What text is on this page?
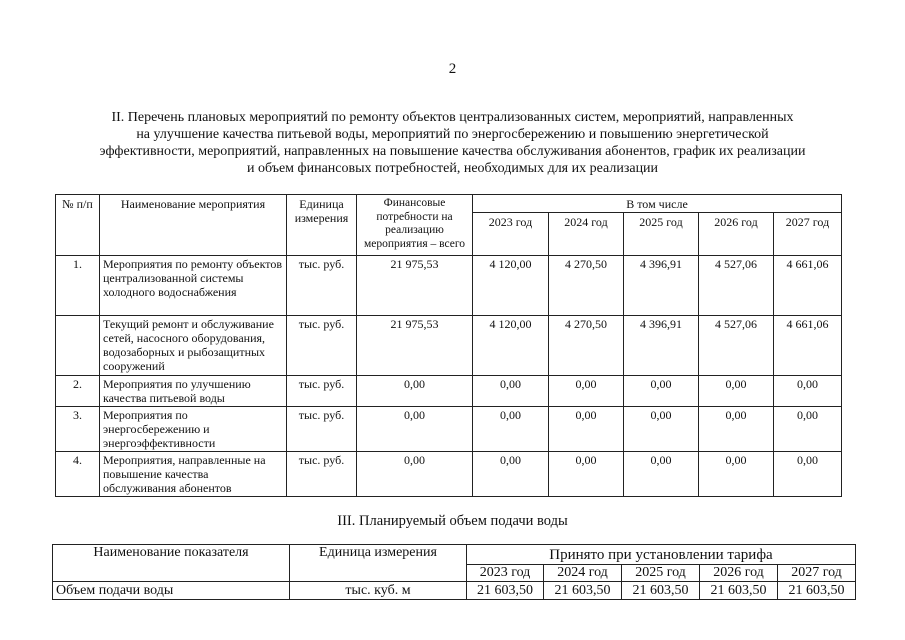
2
II. Перечень плановых мероприятий по ремонту объектов централизованных систем, мероприятий, направленных
на улучшение качества питьевой воды, мероприятий по энергосбережению и повышению энергетической
эффективности, мероприятий, направленных на повышение качества обслуживания абонентов, график их реализации
и объем финансовых потребностей, необходимых для их реализации
№ п/п	Наименование мероприятия	Единица измерения	Финансовые потребности на реализацию мероприятия – всего	В том числе				
				2023 год	2024 год	2025 год	2026 год	2027 год
1.	Мероприятия по ремонту объектов централизованной системы холодного водоснабжения	тыс. руб.	21 975,53	4 120,00	4 270,50	4 396,91	4 527,06	4 661,06
	Текущий ремонт и обслуживание сетей, насосного оборудования, водозаборных и рыбозащитных сооружений	тыс. руб.	21 975,53	4 120,00	4 270,50	4 396,91	4 527,06	4 661,06
2.	Мероприятия по улучшению качества питьевой воды	тыс. руб.	0,00	0,00	0,00	0,00	0,00	0,00
3.	Мероприятия по энергосбережению и энергоэффективности	тыс. руб.	0,00	0,00	0,00	0,00	0,00	0,00
4.	Мероприятия, направленные на повышение качества обслуживания абонентов	тыс. руб.	0,00	0,00	0,00	0,00	0,00	0,00
III. Планируемый объем подачи воды
Наименование показателя	Единица измерения	Принято при установлении тарифа				
		2023 год	2024 год	2025 год	2026 год	2027 год
Объем подачи воды	тыс. куб. м	21 603,50	21 603,50	21 603,50	21 603,50	21 603,50
